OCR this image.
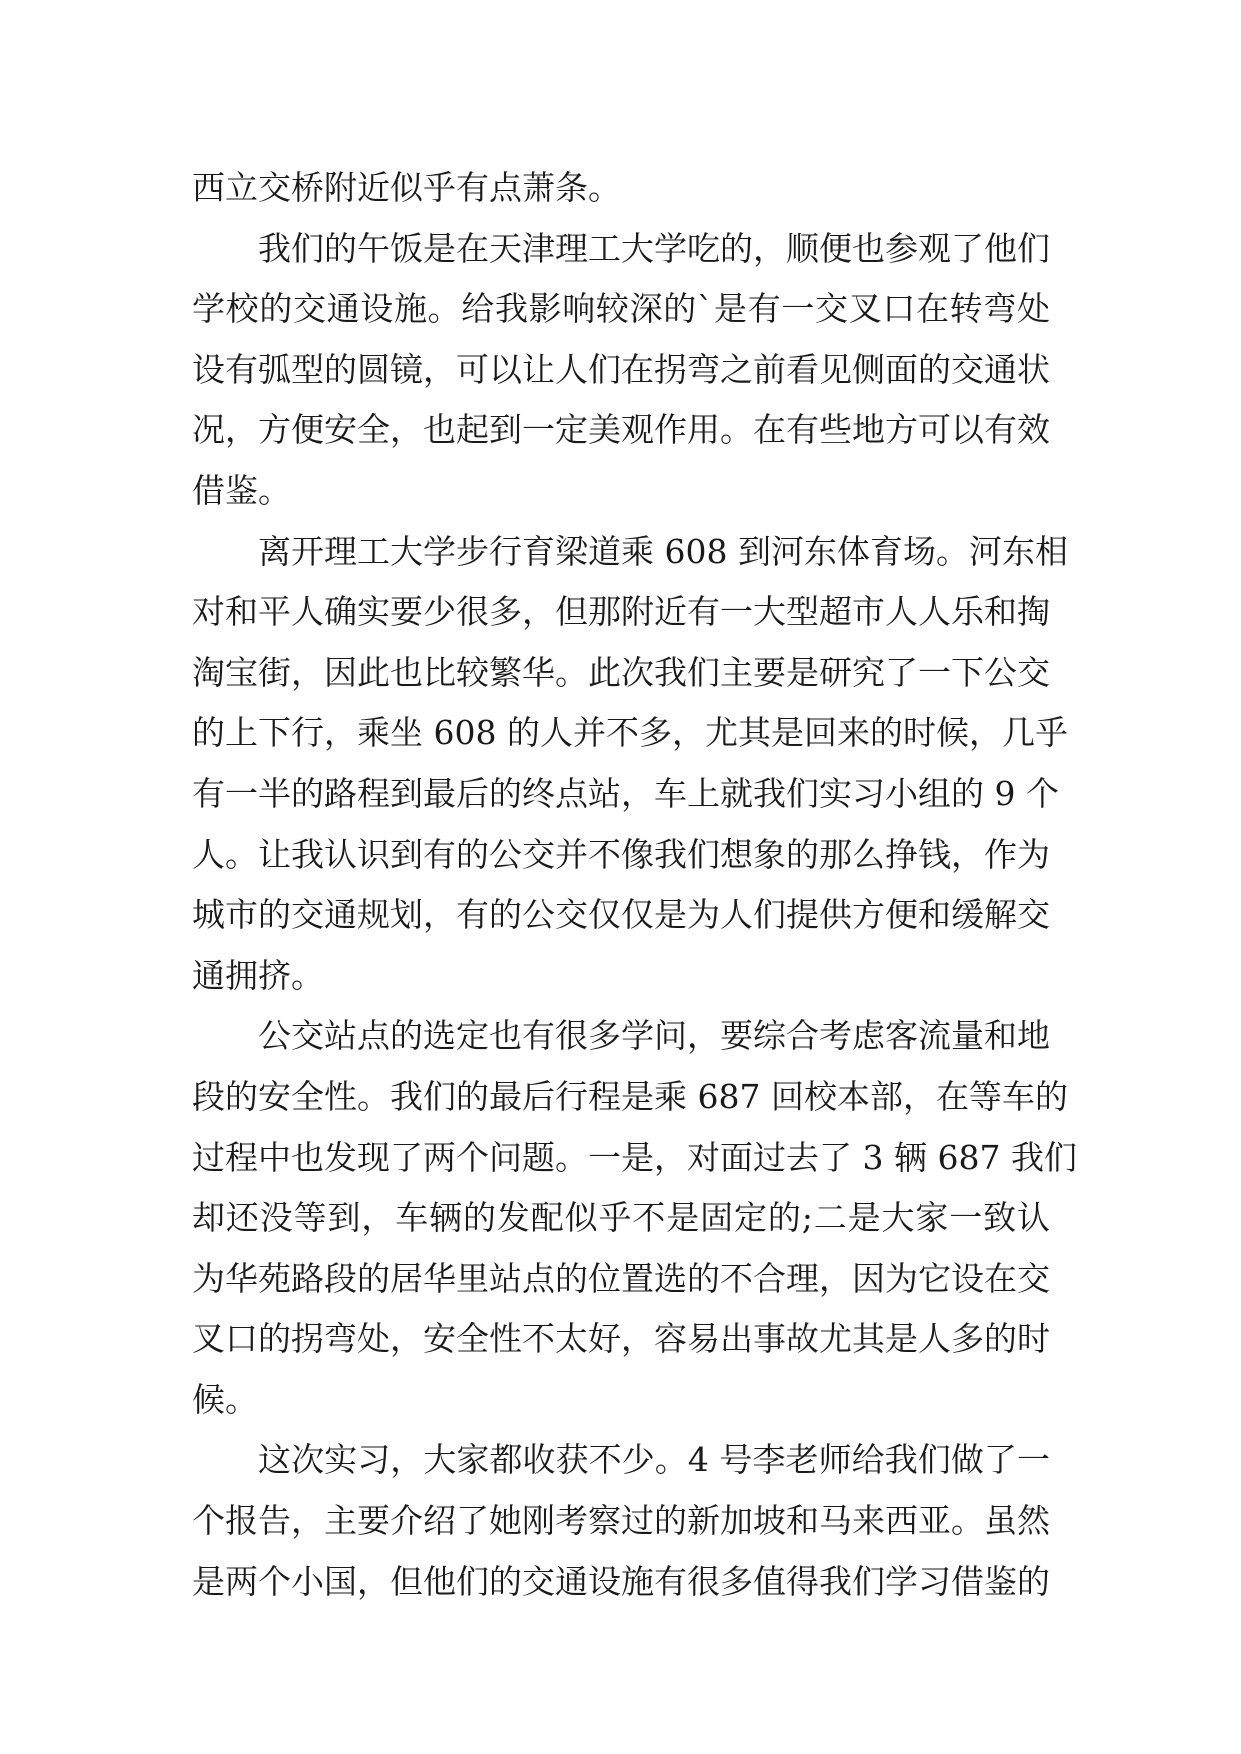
西立交桥附近似乎有点萧条。
我们的午饭是在天津理工大学吃的，顺便也参观了他们
学校的交通设施。给我影响较深的`是有一交叉口在转弯处
设有弧型的圆镜，可以让人们在拐弯之前看见侧面的交通状
况，方便安全，也起到一定美观作用。在有些地方可以有效
借鉴。
离开理工大学步行育梁道乘 608 到河东体育场。河东相
对和平人确实要少很多，但那附近有一大型超市人人乐和掏
淘宝街，因此也比较繁华。此次我们主要是研究了一下公交
的上下行，乘坐 608 的人并不多，尤其是回来的时候，几乎
有一半的路程到最后的终点站，车上就我们实习小组的 9 个
人。让我认识到有的公交并不像我们想象的那么挣钱，作为
城市的交通规划，有的公交仅仅是为人们提供方便和缓解交
通拥挤。
公交站点的选定也有很多学问，要综合考虑客流量和地
段的安全性。我们的最后行程是乘 687 回校本部，在等车的
过程中也发现了两个问题。一是，对面过去了 3 辆 687 我们
却还没等到，车辆的发配似乎不是固定的;二是大家一致认
为华苑路段的居华里站点的位置选的不合理，因为它设在交
叉口的拐弯处，安全性不太好，容易出事故尤其是人多的时
候。
这次实习，大家都收获不少。4 号李老师给我们做了一
个报告，主要介绍了她刚考察过的新加坡和马来西亚。虽然
是两个小国，但他们的交通设施有很多值得我们学习借鉴的
